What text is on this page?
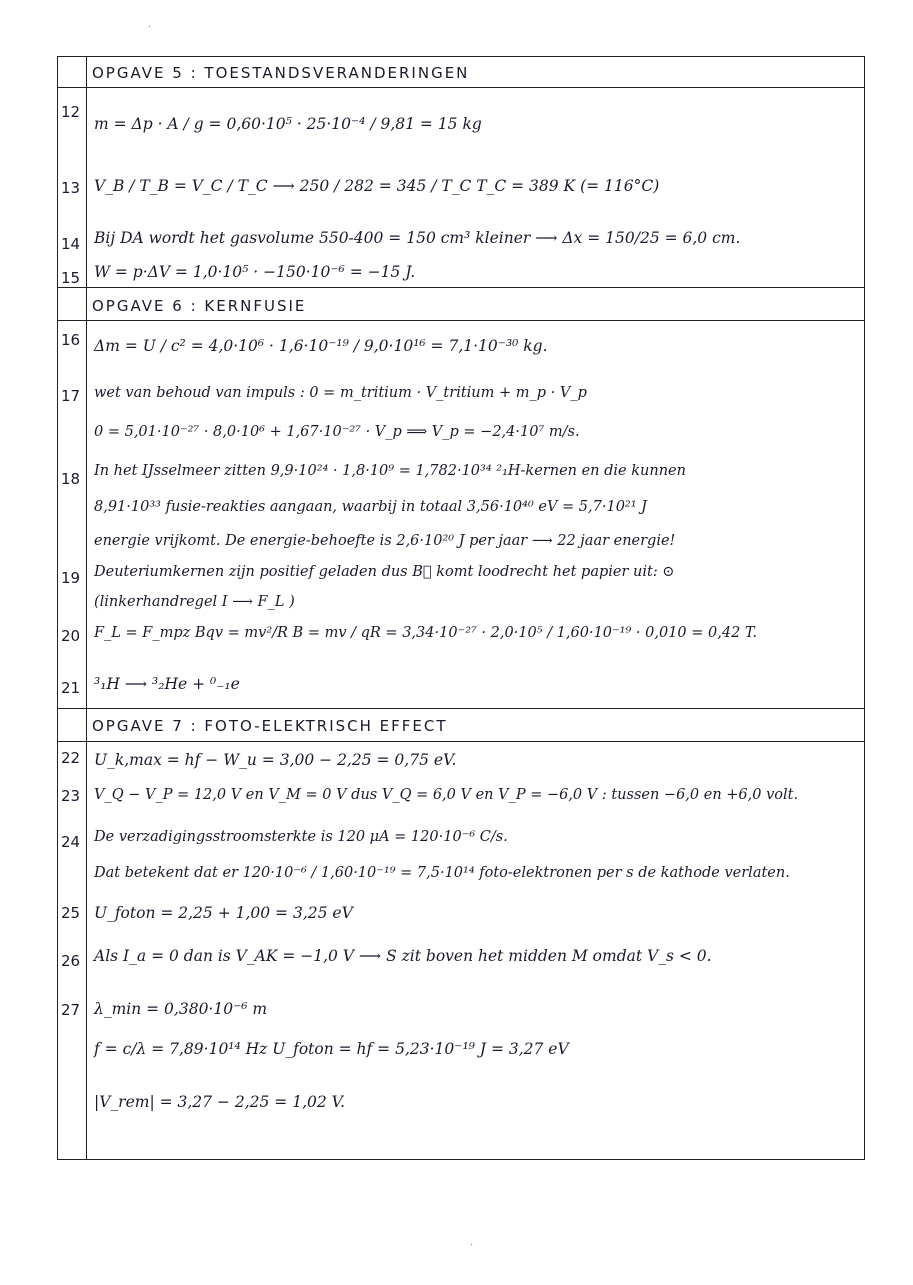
OPGAVE 5 : TOESTANDSVERANDERINGEN
12
m = Δp · A / g = 0,60·10⁵ · 25·10⁻⁴ / 9,81 = 15 kg
13 V_B / T_B = V_C / T_C ⟶ 250 / 282 = 345 / T_C T_C = 389 K (= 116°C)
14 Bij DA wordt het gasvolume 550-400 = 150 cm³ kleiner ⟶ Δx = 150/25 = 6,0 cm.
15 W = p·ΔV = 1,0·10⁵ · −150·10⁻⁶ = −15 J.
OPGAVE 6 : KERNFUSIE
16 Δm = U / c² = 4,0·10⁶ · 1,6·10⁻¹⁹ / 9,0·10¹⁶ = 7,1·10⁻³⁰ kg.
17 wet van behoud van impuls : 0 = m_tritium · V_tritium + m_p · V_p
0 = 5,01·10⁻²⁷ · 8,0·10⁶ + 1,67·10⁻²⁷ · V_p ⟹ V_p = −2,4·10⁷ m/s.
18 In het IJsselmeer zitten 9,9·10²⁴ · 1,8·10⁹ = 1,782·10³⁴ ²₁H-kernen en die kunnen
8,91·10³³ fusie-reakties aangaan, waarbij in totaal 3,56·10⁴⁰ eV = 5,7·10²¹ J
energie vrijkomt. De energie-behoefte is 2,6·10²⁰ J per jaar ⟶ 22 jaar energie!
19 Deuteriumkernen zijn positief geladen dus B⃗ komt loodrecht het papier uit: ⊙
(linkerhandregel I ⟶ F_L )
20 F_L = F_mpz Bqv = mv²/R B = mv / qR = 3,34·10⁻²⁷ · 2,0·10⁵ / 1,60·10⁻¹⁹ · 0,010 = 0,42 T.
21 ³₁H ⟶ ³₂He + ⁰₋₁e
OPGAVE 7 : FOTO-ELEKTRISCH EFFECT
22 U_k,max = hf − W_u = 3,00 − 2,25 = 0,75 eV.
23 V_Q − V_P = 12,0 V en V_M = 0 V dus V_Q = 6,0 V en V_P = −6,0 V : tussen −6,0 en +6,0 volt.
24 De verzadigingsstroomsterkte is 120 μA = 120·10⁻⁶ C/s.
Dat betekent dat er 120·10⁻⁶ / 1,60·10⁻¹⁹ = 7,5·10¹⁴ foto-elektronen per s de kathode verlaten.
25 U_foton = 2,25 + 1,00 = 3,25 eV
26 Als I_a = 0 dan is V_AK = −1,0 V ⟶ S zit boven het midden M omdat V_s < 0.
27 λ_min = 0,380·10⁻⁶ m
f = c/λ = 7,89·10¹⁴ Hz U_foton = hf = 5,23·10⁻¹⁹ J = 3,27 eV
|V_rem| = 3,27 − 2,25 = 1,02 V.
·
·
